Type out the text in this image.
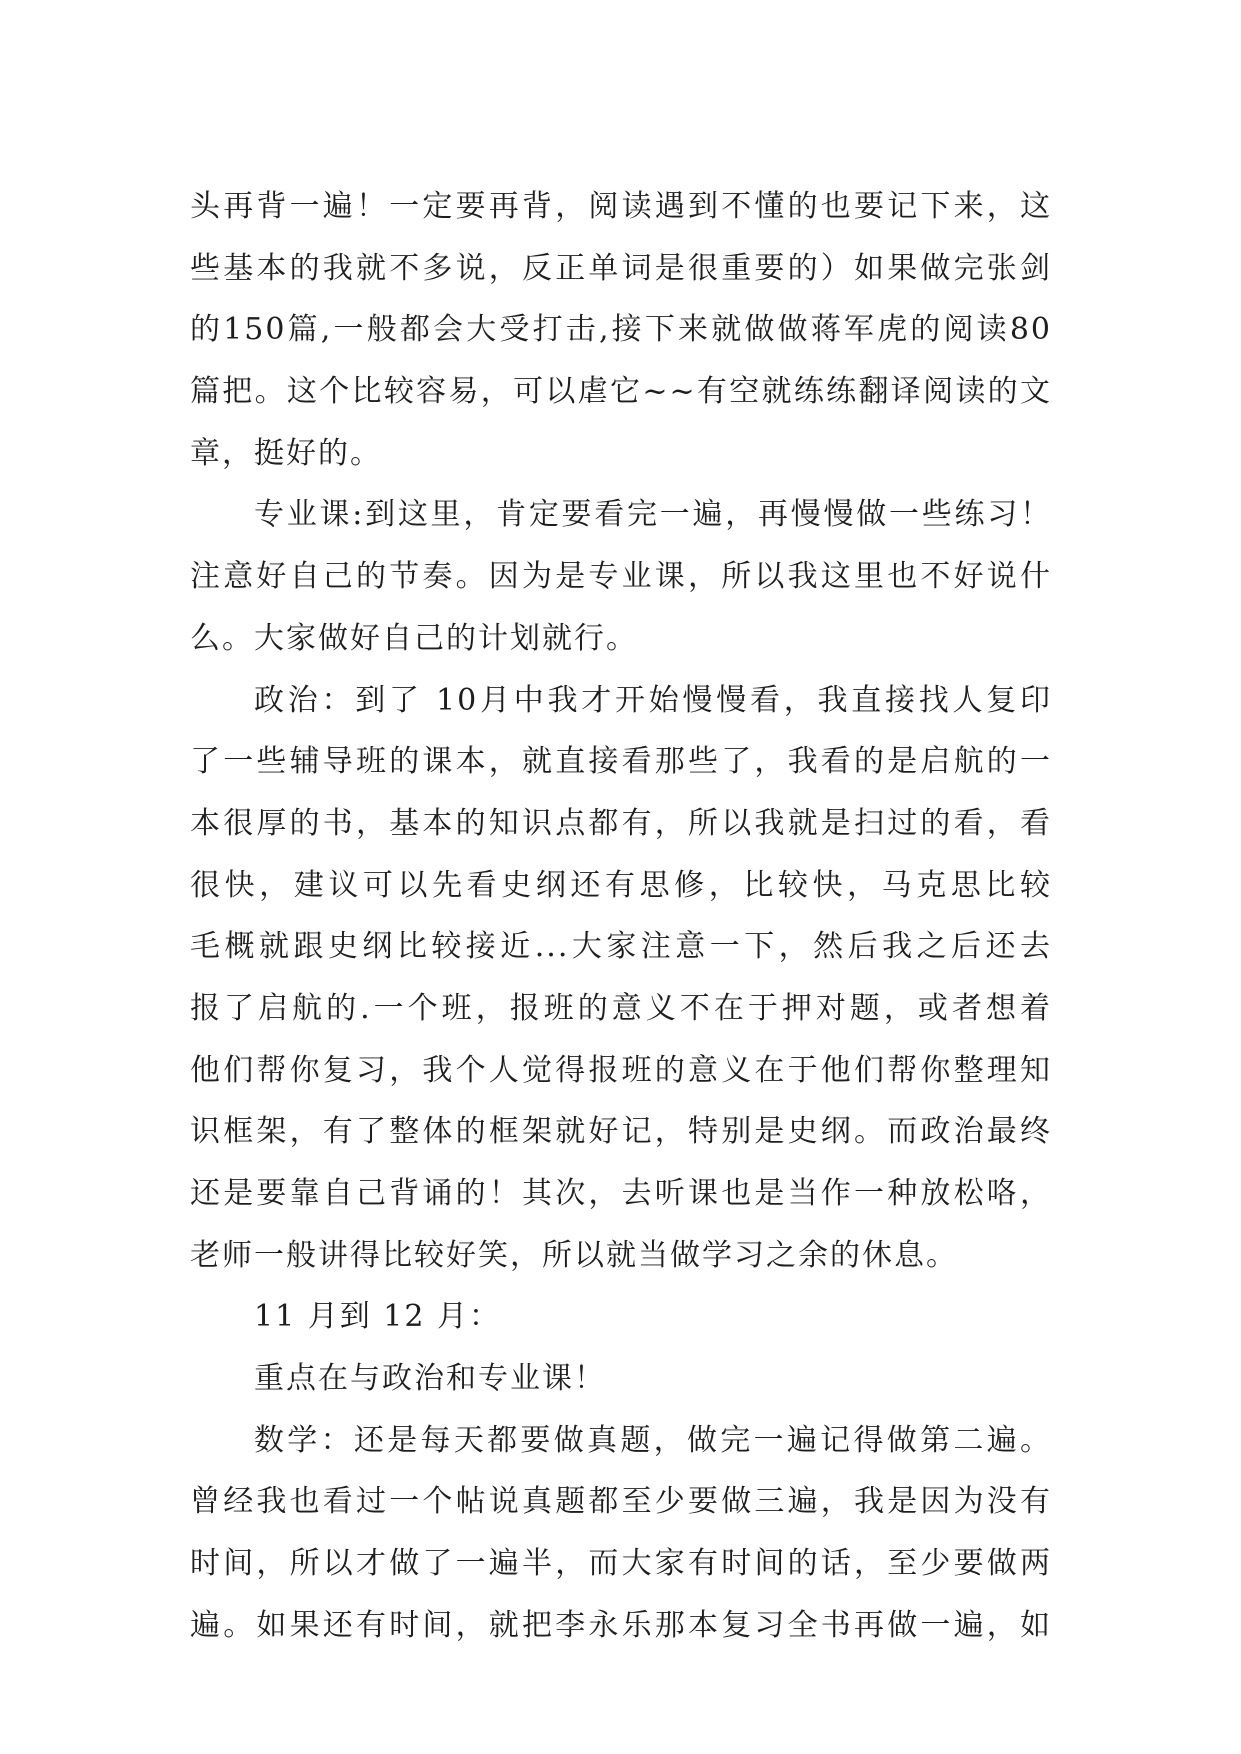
头再背一遍！一定要再背，阅读遇到不懂的也要记下来，这
些基本的我就不多说，反正单词是很重要的）如果做完张剑
的150篇,一般都会大受打击,接下来就做做蒋军虎的阅读80
篇把。这个比较容易，可以虐它~~有空就练练翻译阅读的文
章，挺好的。
专业课:到这里，肯定要看完一遍，再慢慢做一些练习！
注意好自己的节奏。因为是专业课，所以我这里也不好说什
么。大家做好自己的计划就行。
政治：到了 10月中我才开始慢慢看，我直接找人复印
了一些辅导班的课本，就直接看那些了，我看的是启航的一
本很厚的书，基本的知识点都有，所以我就是扫过的看，看
很快，建议可以先看史纲还有思修，比较快，马克思比较
毛概就跟史纲比较接近...大家注意一下，然后我之后还去
报了启航的.一个班，报班的意义不在于押对题，或者想着
他们帮你复习，我个人觉得报班的意义在于他们帮你整理知
识框架，有了整体的框架就好记，特别是史纲。而政治最终
还是要靠自己背诵的！其次，去听课也是当作一种放松咯，
老师一般讲得比较好笑，所以就当做学习之余的休息。
11 月到 12 月：
重点在与政治和专业课！
数学：还是每天都要做真题，做完一遍记得做第二遍。
曾经我也看过一个帖说真题都至少要做三遍，我是因为没有
时间，所以才做了一遍半，而大家有时间的话，至少要做两
遍。如果还有时间，就把李永乐那本复习全书再做一遍，如
